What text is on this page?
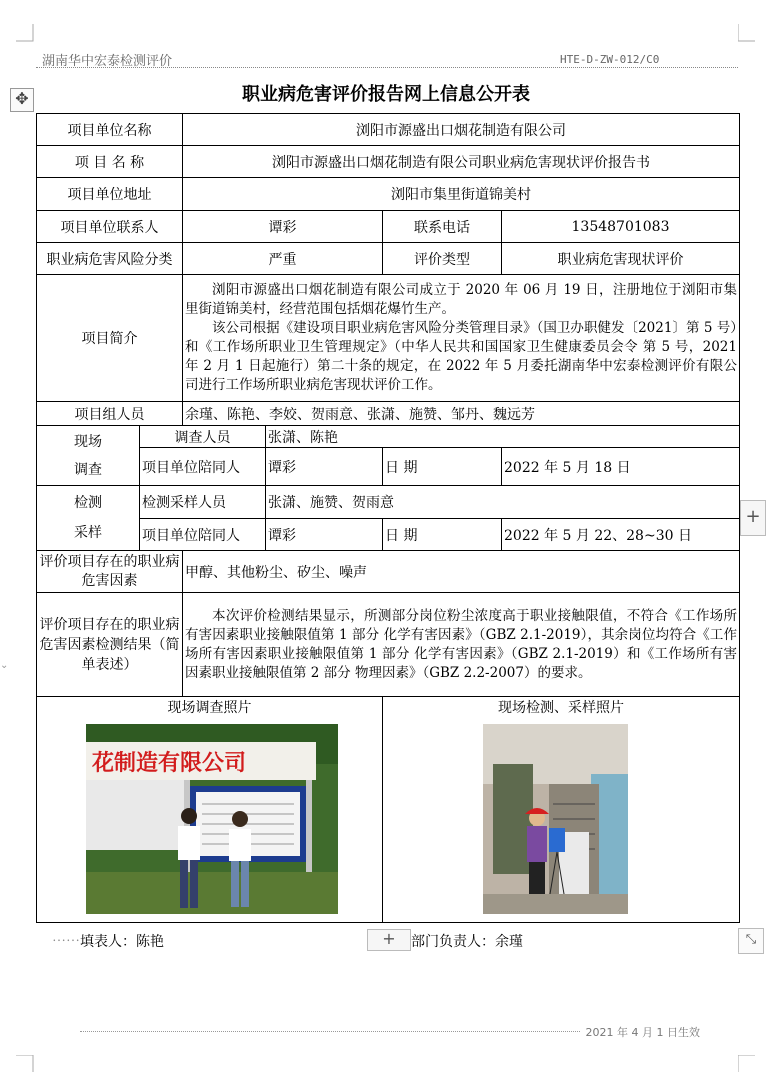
湖南华中宏泰检测评价	HTE-D-ZW-012/C0
✥	职业病危害评价报告网上信息公开表
项目单位名称		浏阳市源盛出口烟花制造有限公司			
项 目 名 称		浏阳市源盛出口烟花制造有限公司职业病危害现状评价报告书			
项目单位地址		浏阳市集里街道锦美村			
项目单位联系人		谭彩		联系电话	13548701083
职业病危害风险分类		严重		评价类型	职业病危害现状评价
项目简介		浏阳市源盛出口烟花制造有限公司成立于 2020 年 06 月 19 日，注册地位于浏阳市集里街道锦美村，经营范围包括烟花爆竹生产。

该公司根据《建设项目职业病危害风险分类管理目录》（国卫办职健发〔2021〕第 5 号）和《工作场所职业卫生管理规定》（中华人民共和国国家卫生健康委员会令 第 5 号，2021 年 2 月 1 日起施行）第二十条的规定，在 2022 年 5 月委托湖南华中宏泰检测评价有限公司进行工作场所职业病危害现状评价工作。			

项目组人员		余瑾、陈艳、李姣、贺雨意、张潇、施赞、邹丹、魏远芳			

现场
调查	调查人员		张潇、陈艳		
	项目单位陪同人		谭彩	日 期	2022 年 5 月 18 日

检测
采样	检测采样人员		张潇、施赞、贺雨意		
	项目单位陪同人		谭彩	日 期	2022 年 5 月 22、28~30 日
评价项目存在的职业病危害因素		甲醇、其他粉尘、矽尘、噪声			
评价项目存在的职业病危害因素检测结果（简单表述）		本次评价检测结果显示，所测部分岗位粉尘浓度高于职业接触限值，不符合《工作场所有害因素职业接触限值第 1 部分 化学有害因素》（GBZ 2.1-2019），其余岗位均符合《工作场所有害因素职业接触限值第 1 部分 化学有害因素》（GBZ 2.1-2019）和《工作场所有害因素职业接触限值第 2 部分 物理因素》（GBZ 2.2-2007）的要求。			

现场调查照片
花制造有限公司				现场检测、采样照片	
+
⌄
⋯⋯填表人：陈艳	+	部门负责人：余瑾	⤡
2021 年 4 月 1 日生效
